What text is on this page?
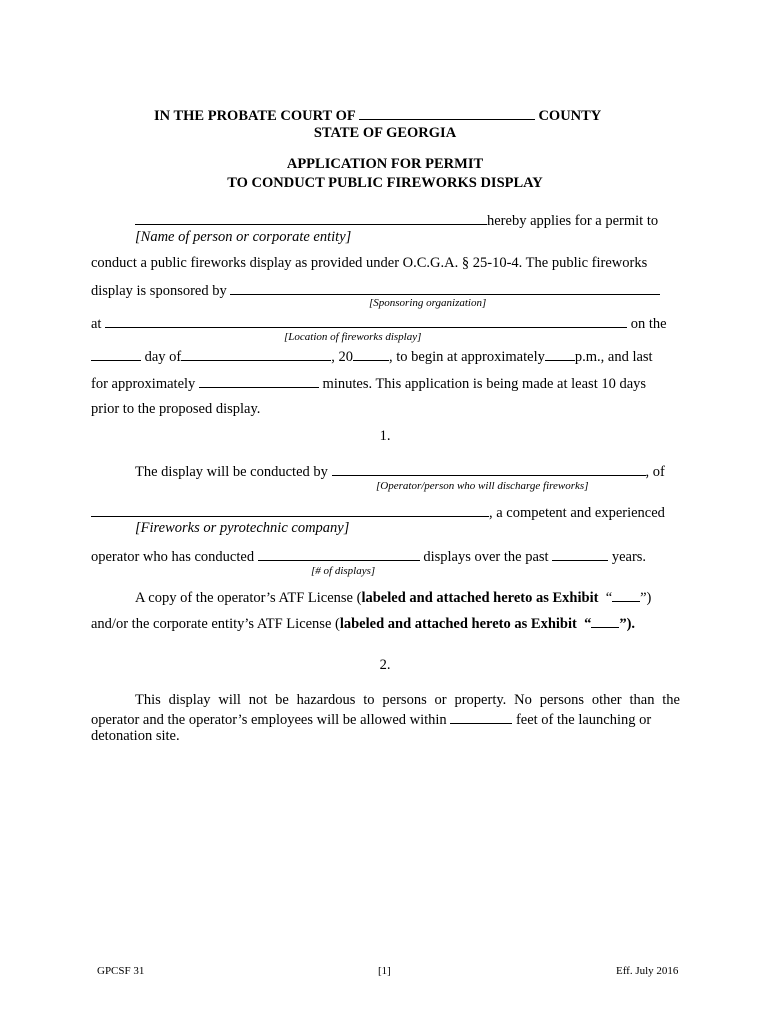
IN THE PROBATE COURT OF	COUNTY
STATE OF GEORGIA
APPLICATION FOR PERMIT
TO CONDUCT PUBLIC FIREWORKS DISPLAY
hereby applies for a permit to
[Name of person or corporate entity]
conduct a public fireworks display as provided under O.C.G.A. § 25-10-4. The public fireworks
display is sponsored by
[Sponsoring organization]
at	on the
[Location of fireworks display]
day of	, 20 , to begin at approximately p.m., and last
for approximately	minutes. This application is being made at least 10 days
prior to the proposed display.
1.
The display will be conducted by	, of
[Operator/person who will discharge fireworks]
, a competent and experienced
[Fireworks or pyrotechnic company]
operator who has conducted	displays over the past	years.
[# of displays]
A copy of the operator’s ATF License (labeled and attached hereto as Exhibit “ ”)
and/or the corporate entity’s ATF License (labeled and attached hereto as Exhibit “ ”).
2.
This display will not be hazardous to persons or property. No persons other than the
operator and the operator’s employees will be allowed within	feet of the launching or
detonation site.
GPCSF 31	[1]	Eff. July 2016
